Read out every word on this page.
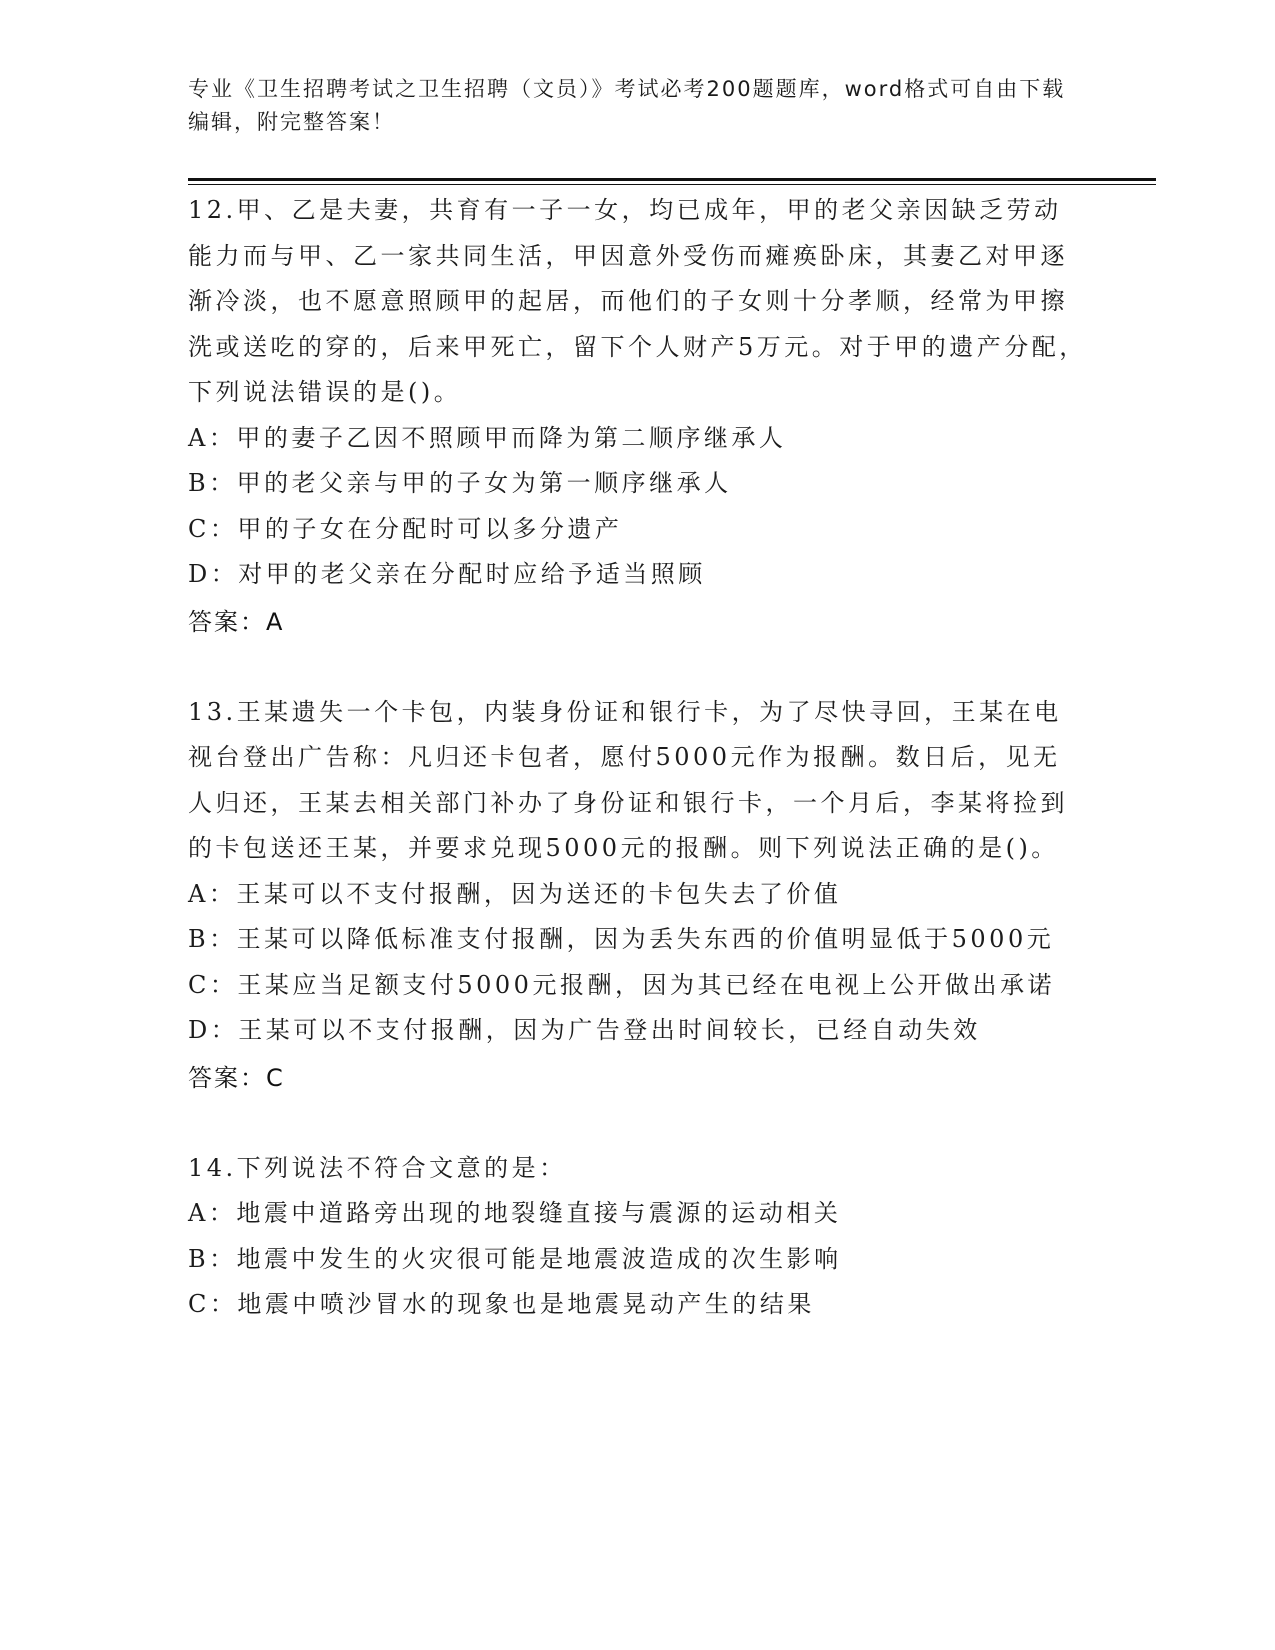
专业《卫生招聘考试之卫生招聘（文员）》考试必考200题题库，word格式可自由下载编辑，附完整答案！

12.甲、乙是夫妻，共育有一子一女，均已成年，甲的老父亲因缺乏劳动能力而与甲、乙一家共同生活，甲因意外受伤而瘫痪卧床，其妻乙对甲逐渐冷淡，也不愿意照顾甲的起居，而他们的子女则十分孝顺，经常为甲擦洗或送吃的穿的，后来甲死亡，留下个人财产5万元。对于甲的遗产分配，下列说法错误的是()。

A：甲的妻子乙因不照顾甲而降为第二顺序继承人

B：甲的老父亲与甲的子女为第一顺序继承人

C：甲的子女在分配时可以多分遗产

D：对甲的老父亲在分配时应给予适当照顾

答案：A

13.王某遗失一个卡包，内装身份证和银行卡，为了尽快寻回，王某在电视台登出广告称：凡归还卡包者，愿付5000元作为报酬。数日后，见无人归还，王某去相关部门补办了身份证和银行卡，一个月后，李某将捡到的卡包送还王某，并要求兑现5000元的报酬。则下列说法正确的是()。

A：王某可以不支付报酬，因为送还的卡包失去了价值

B：王某可以降低标准支付报酬，因为丢失东西的价值明显低于5000元

C：王某应当足额支付5000元报酬，因为其已经在电视上公开做出承诺

D：王某可以不支付报酬，因为广告登出时间较长，已经自动失效

答案：C

14.下列说法不符合文意的是：

A：地震中道路旁出现的地裂缝直接与震源的运动相关

B：地震中发生的火灾很可能是地震波造成的次生影响

C：地震中喷沙冒水的现象也是地震晃动产生的结果
